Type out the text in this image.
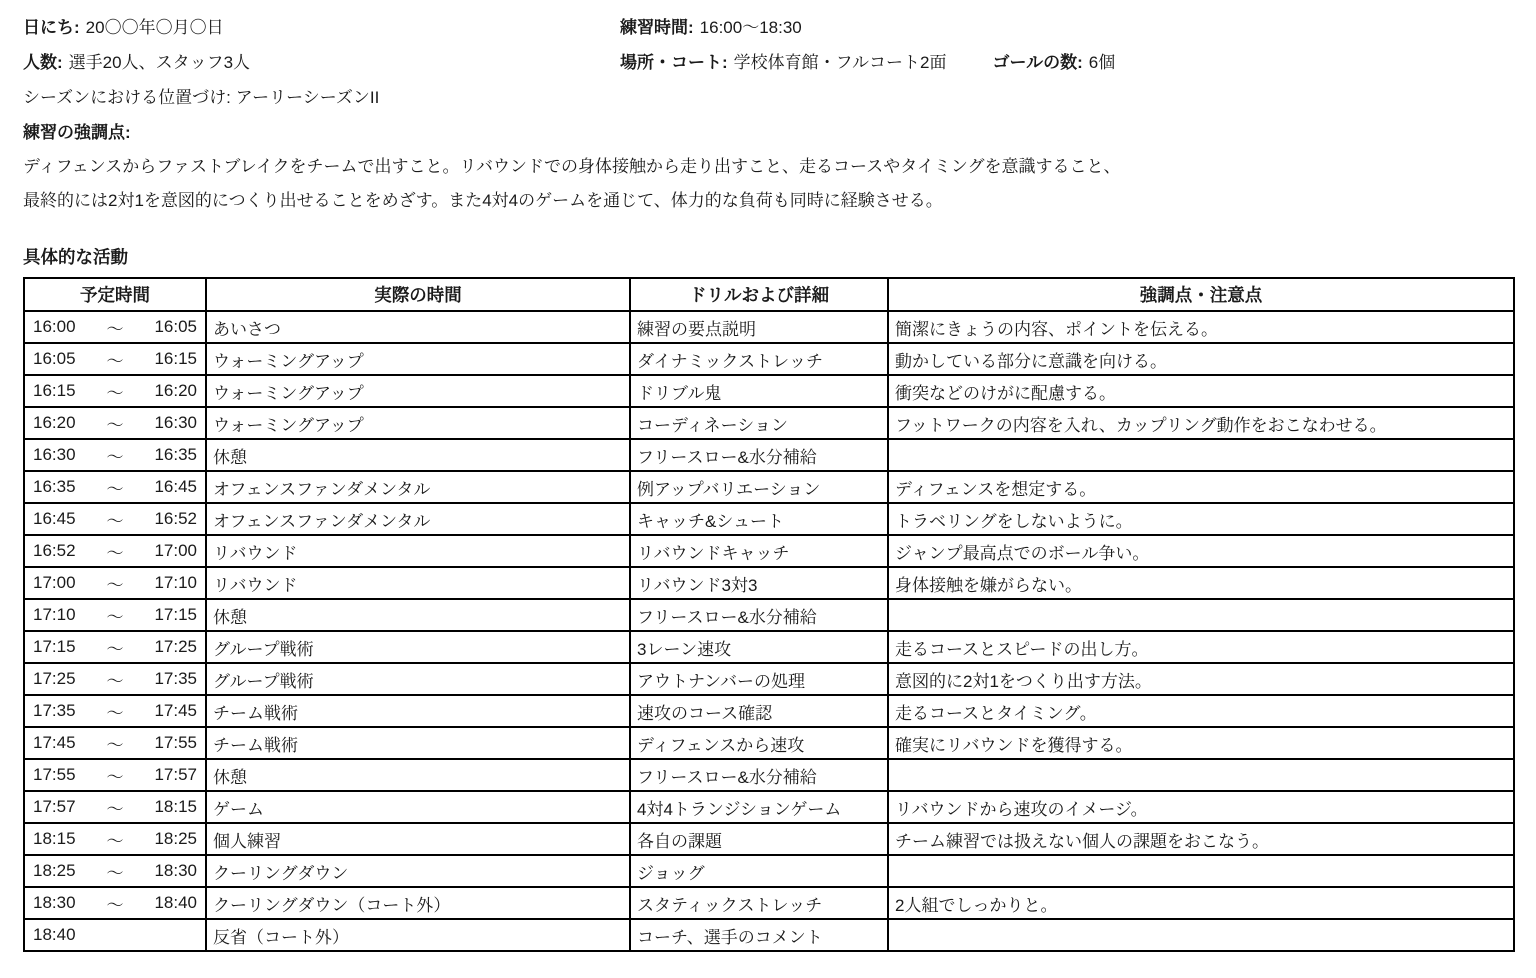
日にち: 20〇〇年〇月〇日	練習時間: 16:00〜18:30
人数: 選手20人、スタッフ3人	場所・コート: 学校体育館・フルコート2面	ゴールの数: 6個
シーズンにおける位置づけ: アーリーシーズンII
練習の強調点:
ディフェンスからファストブレイクをチームで出すこと。リバウンドでの身体接触から走り出すこと、走るコースやタイミングを意識すること、
最終的には2対1を意図的につくり出せることをめざす。また4対4のゲームを通じて、体力的な負荷も同時に経験させる。
具体的な活動
予定時間	実際の時間	ドリルおよび詳細	強調点・注意点

16:00 〜 16:05	あいさつ	練習の要点説明	簡潔にきょうの内容、ポイントを伝える。

16:05 〜 16:15	ウォーミングアップ	ダイナミックストレッチ	動かしている部分に意識を向ける。

16:15 〜 16:20	ウォーミングアップ	ドリブル鬼	衝突などのけがに配慮する。

16:20 〜 16:30	ウォーミングアップ	コーディネーション	フットワークの内容を入れ、カップリング動作をおこなわせる。

16:30 〜 16:35	休憩	フリースロー&水分補給	

16:35 〜 16:45	オフェンスファンダメンタル	例アップバリエーション	ディフェンスを想定する。

16:45 〜 16:52	オフェンスファンダメンタル	キャッチ&シュート	トラベリングをしないように。

16:52 〜 17:00	リバウンド	リバウンドキャッチ	ジャンプ最高点でのボール争い。

17:00 〜 17:10	リバウンド	リバウンド3対3	身体接触を嫌がらない。

17:10 〜 17:15	休憩	フリースロー&水分補給	

17:15 〜 17:25	グループ戦術	3レーン速攻	走るコースとスピードの出し方。

17:25 〜 17:35	グループ戦術	アウトナンバーの処理	意図的に2対1をつくり出す方法。

17:35 〜 17:45	チーム戦術	速攻のコース確認	走るコースとタイミング。

17:45 〜 17:55	チーム戦術	ディフェンスから速攻	確実にリバウンドを獲得する。

17:55 〜 17:57	休憩	フリースロー&水分補給	

17:57 〜 18:15	ゲーム	4対4トランジションゲーム	リバウンドから速攻のイメージ。

18:15 〜 18:25	個人練習	各自の課題	チーム練習では扱えない個人の課題をおこなう。

18:25 〜 18:30	クーリングダウン	ジョッグ	

18:30 〜 18:40	クーリングダウン（コート外）	スタティックストレッチ	2人組でしっかりと。

18:40	反省（コート外）	コーチ、選手のコメント	
